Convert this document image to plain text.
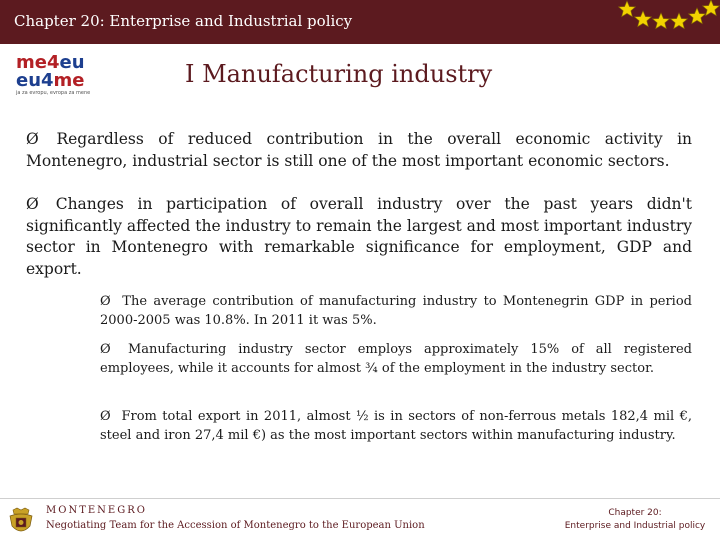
Chapter 20: Enterprise and Industrial policy
me4eu
eu4me
ja za evropu, evropa za mene
I Manufacturing industry
Ø Regardless of reduced contribution in the overall economic activity in Montenegro, industrial sector is still one of the most important economic sectors.
Ø Changes in participation of overall industry over the past years didn't significantly affected the industry to remain the largest and most important industry sector in Montenegro with remarkable significance for employment, GDP and export.
Ø The average contribution of manufacturing industry to Montenegrin GDP in period 2000-2005 was 10.8%. In 2011 it was 5%.
Ø Manufacturing industry sector employs approximately 15% of all registered employees, while it accounts for almost ¾ of the employment in the industry sector.
Ø From total export in 2011, almost ½ is in sectors of non-ferrous metals 182,4 mil €, steel and iron 27,4 mil €) as the most important sectors within manufacturing industry.
MONTENEGRO
Negotiating Team for the Accession of Montenegro to the European Union
Chapter 20:
Enterprise and Industrial policy
